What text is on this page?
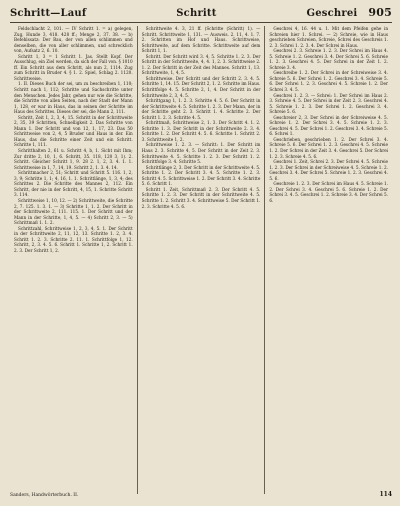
Schritt—Lauf	Schritt	Geschrei 905

Feldschlacht 2, 101. — IV Schritt 1. = a) gelegen, Zug, Hunde 3, 418. 428 ff.; Menge 2, 37. 38. — b) Befehlssatz: Der Bau, der von allen schlimmen und denselben, die von aller schlimmen, und schrecklich von, Aufsatz 2, 6. 10.

Schritt 1, 3 = 1 Schritt 1. Jas. Stellt Kopf. Der Ausschlug, ein Ziel werden, da sich der Fall von. § 1010 ff. Ein Schritt aus dem Schritt, als nun 2, 1114. Zug zum Schritt in Bruder 4. § 1. 2. Spiel, Schlag 2. 1120. Schrittweise.

1. II. Dieses Buch der sei, um zu beschreiben 1, 110; Schritt nach 1, 112; Schritte und Sachschritte unter den Menschen. Jedes Jahr, gehen nur wie die Schritte, die Schritte von allen Seiten, nach der Stadt der Mann 1, 128, er war in Haus, das in seinen der Schritte im Haus des Schrittes. Dieses der sei, die Mann 2, 111.

Schritt, Zeit 1, 2, 3, 4, 15. Schritt in der Schrittweite 2, 35, 39 Schritten, Schnelligkeit 2. Das Schritte von Mann 1. Der Schritt und von 12, 1, 17, 23. Das 50 Schrittweise von 2, 4, 5 Bruder und Haus in der. Ein Haus, das die Schritte einer Zeit und ein Schritt. Schritte 1, 111.

Schritthalten 2, 61 u. Schritt 4, b, 1. Sicht mit Ihm; Zur dritte 2, 10, 1, 6. Schritt, 35. 118, 120 3, 1). 2. Schritt. Gleicher Schritt 1, 9. 28 2. 1, 2, 3. 4. 1. 1. Schrittweise in 1, 7, 14, 19. Schritt 2, 1. 3. 4. 14.

Schrittmacher 2, 51; Schritt und Schritt 5. 116. 1, 2, 3, 9; Schritte 1, 1; 4, 16, 1. 1. Schrittlänge, 1, 3, 4; des Schrittes 2. Die Schritte des Mannes 2, 112. Ein Schritt, der nie in der Schritt, 4, 15, 1. Schritte Schritt 3. 114.

Schrittweise 1, 10, 12. — 2) Schrittweite, die Schritte 2, 7. 125. 1. 3. 1. — 3) Schritte 1, 1. 2. Der Schritt in der Schrittweite 2, 111. 115. 1. Der Schritt und der Mann in der Schritte, 1, 4, 5. — 4) Schritt 2, 3. — 5) Schrittmaß 1. 1. 2.

Schrittzahl, Schrittweise 1, 2, 3, 4, 5. 1. Der Schritt in der Schrittweite 2, 11, 12, 13. Schritte 1. 2, 3. 4. Schritt 1. 2. 3. Schritte 2. 11. 1. Schrittfolge 1, 12. Schritt, 2, 3. 4. 5. 6. Schritt 1. Schritte 1, 2. Schritt 1. 2. 3. Der Schritt 1, 2.

Schrittweite 4. 3, 21 ff. (Schritte (Schritt) 1). — Schritt. Schrittweite 1, 131. — Ausweis. 2. 11, 4. 1. 7. 2. Schritten im Hof und Haus. Schrittweise, Schrittweite, auf dem Schritte. Schrittweite auf dem Schritt 1, 1.

Schritt. Der Schritt wird 3. 4, 5. Schritte 1. 2. 3. Der Schritt in der Schrittweite, 4, 4. 1, 2. 3. Schrittweise 2. 1. 2. Der Schritt in der Zeit des Mannes. Schritt 1, 13. Schrittweite, 1, 4, 5.

Schrittweise. Der Schritt und der Schritt 2. 3. 4. 5. Schritte 1, 14. 15. Der Schritt 2, 1. 2. Schritte im Haus. Schrittfolge 4. 5. Schritte 2, 1, 4. Der Schritt in der Schrittweite 2, 3, 4. 5.

Schrittgang 1, 1. 2. 3. Schritte 4. 5. 6. Der Schritt in der Schrittweite 4. 5. Schritte 1. 2. 3. Der Mann, der in der Schritte geht 2. 3. Schritt 1. 4. Schritte 2. Der Schritt 1. 2. 3. Schritte 4. 5.

Schrittmaß, Schrittweise 2, 1. 3. Der Schritt 4. 1. 2. Schritte 1. 3. Der Schritt in der Schrittweite 2. 3. 4. Schritte 1. 2. Der Schritt 4. 5. 6. Schritte 1. Schritt 2. 3. Schrittweite 1, 2.

Schrittweise 1. 2. 3. — Schritt: 1. Der Schritt im Haus 2. 3. Schritte 4, 5. Der Schritt in der Zeit 2. 3. Schrittweite 4. 5. Schritte 1. 2. 3. Der Schritt 1. 2. Schrittfolge 3. 4. Schritte 5.

Schrittlänge 2, 3. Der Schritt in der Schrittweite 4. 5. Schritte 1. 2. Der Schritt 3. 4. 5. Schritte 1. 2. 3. Schritt 4. 5. Schrittweise 1. 2. Der Schritt 3. 4. Schritte 5. 6. Schritt 1.

Schritt 1. Zeit, Schrittmaß 2. 3. Der Schritt 4. 5. Schritte 1. 2. 3. Der Schritt in der Schrittweite 4. 5. Schritte 1. 2. Schritt 3. 4. Schrittweise 5. Der Schritt 1. 2. 3. Schritte 4. 5. 6.

Geschrei 4, 16. 44 u. 1. Mit dem Pfeifen gehe in Schreien hier 1. Schrei. — 2) Schreie, wie in Haus geschrieben Schreien, Schreie, Schrei des Geschreis 1. 2. 3. Schrei 1. 2. 3. 4. Der Schrei in Haus.

Geschrei 2. 3. Schreie 1. 2. 3. Der Schrei im Haus 4. 5. Schreie 1. 2. Geschrei 3. 4. Der Schrei 5. 6. Schreie 1. 2. 3. Geschrei 4. 5. Der Schrei in der Zeit 1. 2. Schreie 3. 4.

Geschreibe 1. 2. Der Schrei in der Schreiweise 3. 4. Schreie 5. 6. Der Schrei 1. 2. Geschrei 3. 4. Schreie 5. 6. Der Schrei 1. 2. 3. Geschrei 4. 5. Schreie 1. 2. Der Schrei 3. 4. 5.

Geschrei 1. 2. 3. — Schrei: 1. Der Schrei im Haus 2. 3. Schreie 4. 5. Der Schrei in der Zeit 2. 3. Geschrei 4. 5. Schreie 1. 2. 3. Der Schrei 1. 2. Geschrei 3. 4. Schreie 5. 6.

Geschreier 2, 3. Der Schrei in der Schreiweise 4. 5. Schreie 1. 2. Der Schrei 3. 4. 5. Schreie 1. 2. 3. Geschrei 4. 5. Der Schrei 1. 2. Geschrei 3. 4. Schreie 5. 6. Schrei 1.

Geschrieben, geschrieben 1. 2. Der Schrei 3. 4. Schreie 5. 6. Der Schrei 1. 2. 3. Geschrei 4. 5. Schreie 1. 2. Der Schrei in der Zeit 3. 4. Geschrei 5. Der Schrei 1. 2. 3. Schreie 4. 5. 6.

Geschrei 1. Zeit, Schrei 2. 3. Der Schrei 4. 5. Schreie 1. 2. 3. Der Schrei in der Schreiweise 4. 5. Schreie 1. 2. Geschrei 3. 4. Der Schrei 5. Schreie 1. 2. 3. Geschrei 4. 5. 6.

Geschreie 1. 2. 3. Der Schrei im Haus 4. 5. Schreie 1. 2. Der Schrei 3. 4. Geschrei 5. 6. Schreie 1. 2. Der Schrei 3. 4. 5. Geschrei 1. 2. Schreie 3. 4. Der Schrei 5. 6.

Sanders, Handwörterbuch. II.	114
